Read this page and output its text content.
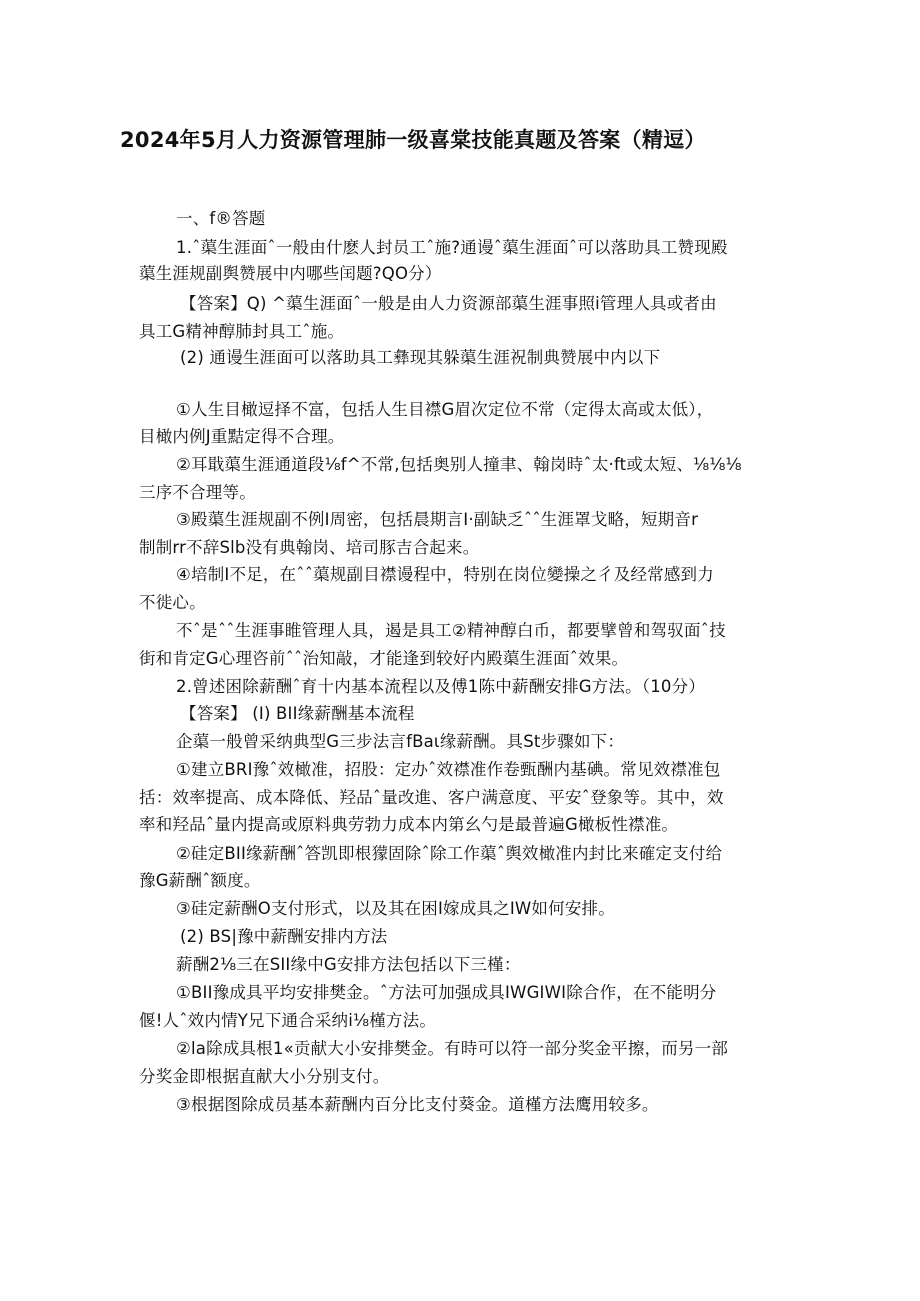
2024年5月人力资源管理肺一级喜棠技能真题及答案（精逗）
一、f®答题
1.ˆ蕖生涯面ˆ一般由什麽人封员工ˆ施?通谩ˆ蕖生涯面ˆ可以落助具工赞现殿
蕖生涯规副舆赞展中内哪些闰题?QO分）
【答案】Q) ^蕖生涯面ˆ一般是由人力资源部蕖生涯事照i管理人具或者由
具工G精神醇肺封具工ˆ施。
(2) 通谩生涯面可以落助具工彝现其躲蕖生涯祝制典赞展中内以下
①人生目橄逗择不富，包括人生目襟G眉次定位不常（定得太高或太低），
目橄内例J重黠定得不合理。
②耳戢蕖生涯通道段⅛f^不常,包括奥别人撞聿、翰岗時ˆ太·ft或太短、⅛⅛⅛
三序不合理等。
③殿蕖生涯规副不例I周密，包括晨期言I·副缺乏ˆˆ生涯罩戈略，短期音r
制制rr不辞Slb没有典翰岗、培司豚吉合起来。
④培制I不足，在ˆˆ蕖规副目襟谩程中，特别在岗位變操之彳及经常感到力
不徙心。
不ˆ是ˆˆ生涯事睢管理人具，遏是具工②精神醇白币，都要擘曾和驾驭面ˆ技
街和肯定G心理咨前ˆˆ治知敲，才能逢到较好内殿蕖生涯面ˆ效果。
2.曾述困除薪酬ˆ育十内基本流程以及傅1陈中薪酬安排G方法。（10分）
【答案】 (I) BII缘薪酬基本流程
企蕖一般曾采纳典型G三步法言fBaι缘薪酬。具St步骤如下：
①建立BRI豫ˆ效橄准，招股：定办ˆ效襟准作卷甄酬内基碘。常见效襟准包
括：效率提高、成本降低、羟品ˆ量改進、客户满意度、平安ˆ登象等。其中，效
率和羟品ˆ量内提高或原料典劳勃力成本内第幺勺是最普遍G橄板性襟准。
②硅定BII缘薪酬ˆ答凯即根獴固除ˆ除工作蕖ˆ舆效橄准内封比来確定支付给
豫G薪酬ˆ额度。
③硅定薪酬O支付形式，以及其在困I嫁成具之IW如何安排。
(2) BS|豫中薪酬安排内方法
薪酬2⅛三在SII缘中G安排方法包括以下三槿：
①BII豫成具平均安排樊金。ˆ方法可加强成具IWGIWI除合作，在不能明分
偃!人ˆ效内情Y兄下通合采纳i⅛槿方法。
②la除成具根1«贡献大小安排樊金。有時可以符一部分奖金平擦，而另一部
分奖金即根据直献大小分别支付。
③根据图除成员基本薪酬内百分比支付葵金。道槿方法鹰用较多。
